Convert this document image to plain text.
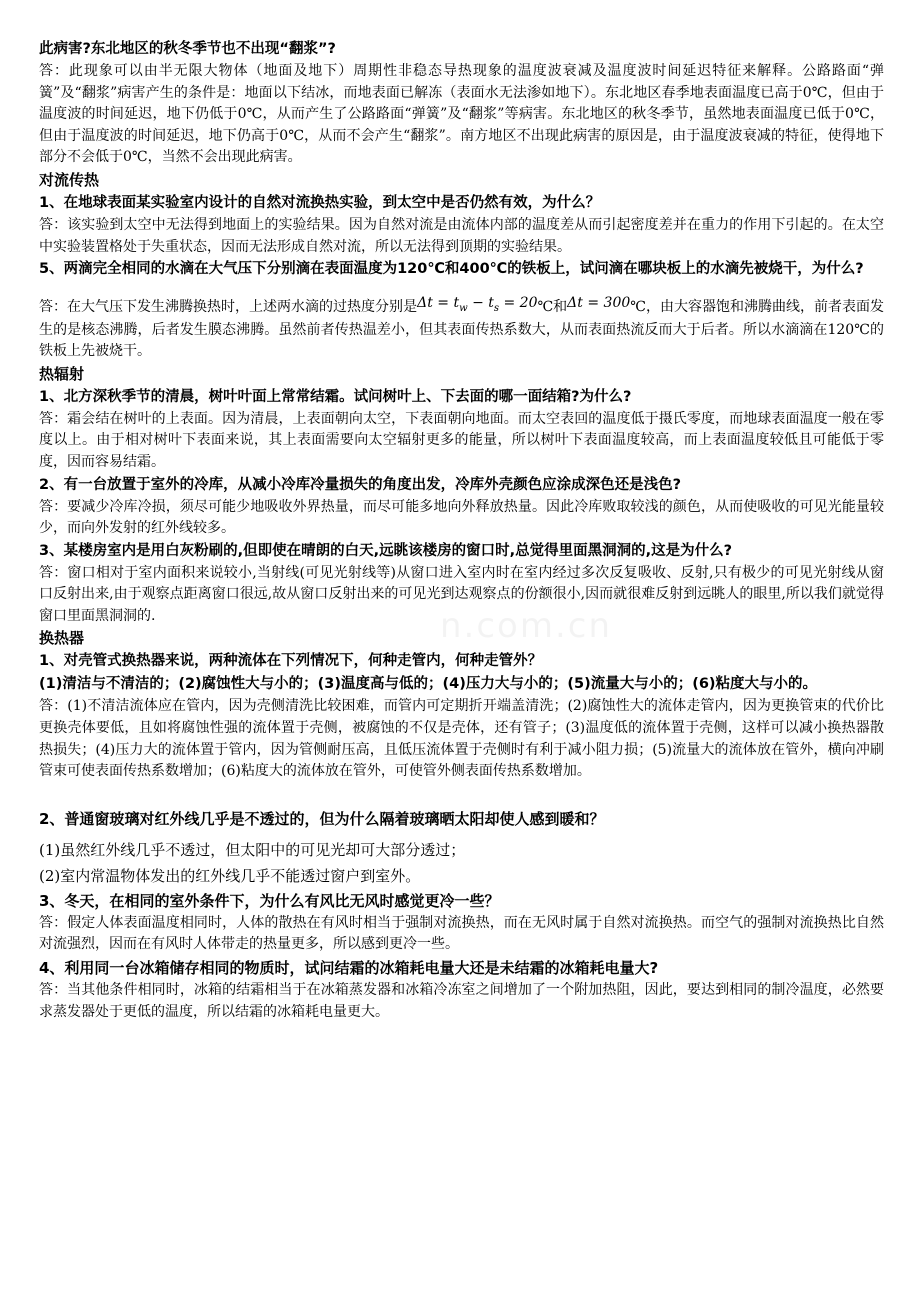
此病害?东北地区的秋冬季节也不出现“翻浆”?

答：此现象可以由半无限大物体（地面及地下）周期性非稳态导热现象的温度波衰减及温度波时间延迟特征来解释。公路路面“弹簧”及“翻浆”病害产生的条件是：地面以下结冰，而地表面已解冻（表面水无法渗如地下）。东北地区春季地表面温度已高于0℃，但由于温度波的时间延迟，地下仍低于0℃，从而产生了公路路面“弹簧”及“翻浆”等病害。东北地区的秋冬季节，虽然地表面温度已低于0℃，但由于温度波的时间延迟，地下仍高于0℃，从而不会产生“翻浆”。南方地区不出现此病害的原因是，由于温度波衰减的特征，使得地下部分不会低于0℃，当然不会出现此病害。

对流传热

1、在地球表面某实验室内设计的自然对流换热实验，到太空中是否仍然有效，为什么？

答：该实验到太空中无法得到地面上的实验结果。因为自然对流是由流体内部的温度差从而引起密度差并在重力的作用下引起的。在太空中实验装置格处于失重状态，因而无法形成自然对流，所以无法得到顶期的实验结果。

5、两滴完全相同的水滴在大气压下分别滴在表面温度为120℃和400℃的铁板上，试问滴在哪块板上的水滴先被烧干，为什么?

答：在大气压下发生沸腾换热时，上述两水滴的过热度分别是$\Delta t = t_w - t_s$ = 20℃和Δt = 300℃，由大容器饱和沸腾曲线，前者表面发生的是核态沸腾，后者发生膜态沸腾。虽然前者传热温差小，但其表面传热系数大，从而表面热流反而大于后者。所以水滴滴在120℃的铁板上先被烧干。

热辐射

1、北方深秋季节的清晨，树叶叶面上常常结霜。试问树叶上、下去面的哪一面结箱?为什么?

答：霜会结在树叶的上表面。因为清晨，上表面朝向太空，下表面朝向地面。而太空表回的温度低于摄氏零度，而地球表面温度一般在零度以上。由于相对树叶下表面来说，其上表面需要向太空辐射更多的能量，所以树叶下表面温度较高，而上表面温度较低且可能低于零度，因而容易结霜。

2、有一台放置于室外的冷库，从减小冷库冷量损失的角度出发，冷库外壳颜色应涂成深色还是浅色?

答：要减少冷库冷损，须尽可能少地吸收外界热量，而尽可能多地向外释放热量。因此冷库败取较浅的颜色，从而使吸收的可见光能量较少，而向外发射的红外线较多。

3、某楼房室内是用白灰粉刷的,但即使在晴朗的白天,远眺该楼房的窗口时,总觉得里面黑洞洞的,这是为什么?

答：窗口相对于室内面积来说较小,当射线(可见光射线等)从窗口进入室内时在室内经过多次反复吸收、反射,只有极少的可见光射线从窗口反射出来,由于观察点距离窗口很远,故从窗口反射出来的可见光到达观察点的份额很小,因而就很难反射到远眺人的眼里,所以我们就觉得窗口里面黑洞洞的.

换热器

1、对壳管式换热器来说，两种流体在下列情况下，何种走管内，何种走管外？

(1)清洁与不清洁的；(2)腐蚀性大与小的；(3)温度高与低的；(4)压力大与小的；(5)流量大与小的；(6)粘度大与小的。

答：(1)不清洁流体应在管内，因为壳侧清洗比较困难，而管内可定期折开端盖清洗；(2)腐蚀性大的流体走管内，因为更换管束的代价比更换壳体要低，且如将腐蚀性强的流体置于壳侧，被腐蚀的不仅是壳体，还有管子；(3)温度低的流体置于壳侧，这样可以减小换热器散热损失；(4)压力大的流体置于管内，因为管侧耐压高，且低压流体置于壳侧时有利于减小阻力损；(5)流量大的流体放在管外，横向冲刷管束可使表面传热系数增加；(6)粘度大的流体放在管外，可使管外侧表面传热系数增加。

2、普通窗玻璃对红外线几乎是不透过的，但为什么隔着玻璃晒太阳却使人感到暖和？

(1)虽然红外线几乎不透过，但太阳中的可见光却可大部分透过；

(2)室内常温物体发出的红外线几乎不能透过窗户到室外。

3、冬天，在相同的室外条件下，为什么有风比无风时感觉更冷一些？

答：假定人体表面温度相同时，人体的散热在有风时相当于强制对流换热，而在无风时属于自然对流换热。而空气的强制对流换热比自然对流强烈，因而在有风时人体带走的热量更多，所以感到更冷一些。

4、利用同一台冰箱储存相同的物质时，试问结霜的冰箱耗电量大还是未结霜的冰箱耗电量大?

答：当其他条件相同时，冰箱的结霜相当于在冰箱蒸发器和冰箱冷冻室之间增加了一个附加热阻，因此，要达到相同的制冷温度，必然要求蒸发器处于更低的温度，所以结霜的冰箱耗电量更大。
